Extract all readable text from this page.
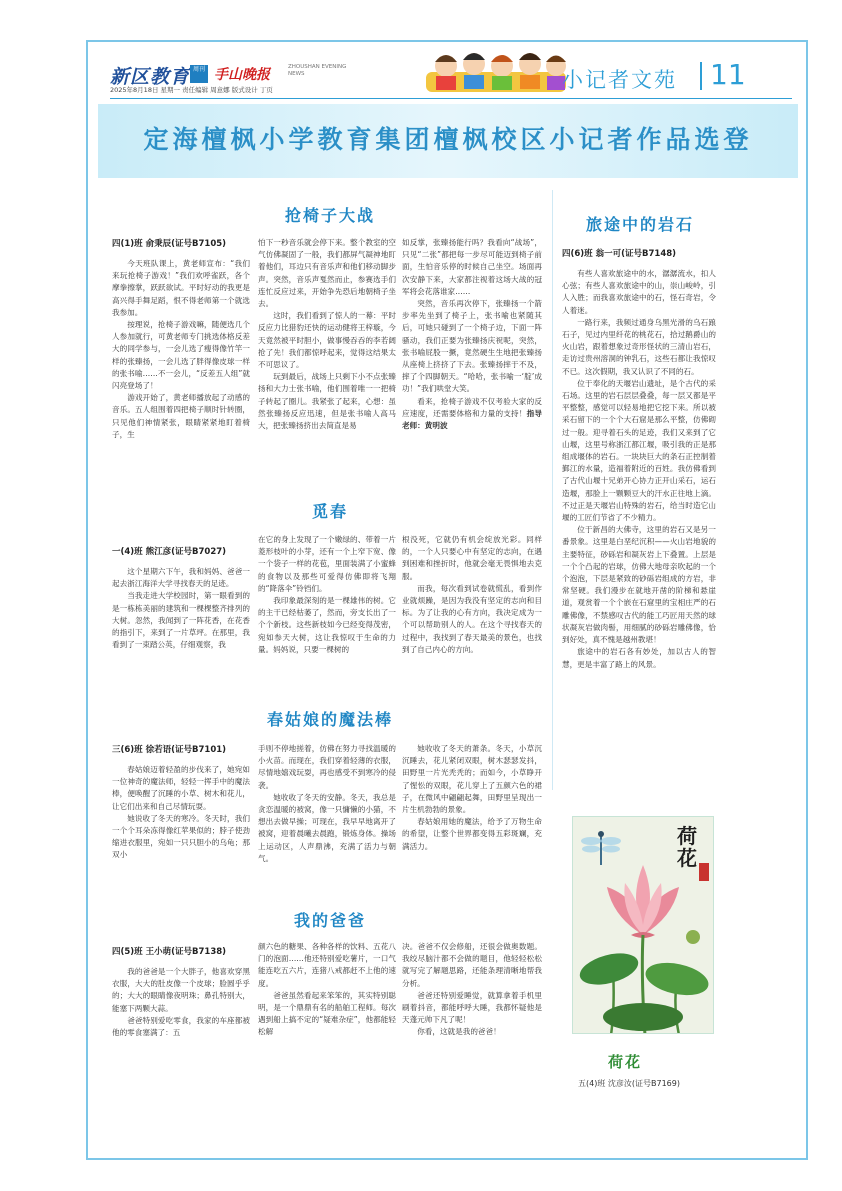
新区教育 周刊 手山晚报	ZHOUSHAN EVENING NEWS
2025年8月18日 星期一 责任编辑 周意娜 版式设计 丁页	小记者文苑 11
定海檀枫小学教育集团檀枫校区小记者作品选登
抢椅子大战
四(1)班 俞秉辰(证号B7105)

今天班队课上，黄老师宣布：“我们来玩抢椅子游戏！”我们欢呼雀跃，各个摩拳擦掌，跃跃欲试。平时好动的我更是高兴得手舞足蹈，恨不得老师第一个就选我参加。

按理说，抢椅子游戏嘛，随便选几个人参加就行，可黄老师专门挑选体格反差大的同学参与，一会儿选了瘦得像竹竿一样的张臻扬，一会儿选了胖得像皮球一样的张书喻……不一会儿，“反差五人组”就闪亮登场了！

游戏开始了，黄老师播放起了动感的音乐。五人组围着四把椅子顺时针转圈，只见他们神情紧张，眼睛紧紧地盯着椅子，生

怕下一秒音乐就会停下来。整个教室的空气仿佛凝固了一般，我们都屏气凝神地盯着他们，耳边只有音乐声和他们移动脚步声。突然，音乐声戛然而止，参赛选手们连忙反应过来，开始争先恐后地朝椅子坐去。

这时，我们看到了惊人的一幕：平时反应力比猎豹还快的运动健将王梓璇，今天竟然被平时胆小，做事慢吞吞的李若阔抢了先！我们都惊呼起来，觉得这结果太不可思议了。

玩到最后，战场上只剩下小不点张臻扬和大力士张书喻，他们围着唯一一把椅子转起了圈儿。我紧张了起来，心想：虽然张臻扬反应迅速，但是张书喻人高马大，把张臻扬挤出去简直是易

如反掌，张臻扬能行吗？我看向“战场”，只见“二张”都把每一步尽可能迈到椅子前面，生怕音乐停的时候自己坐空。场面再次安静下来，大家都注视着这场大战的冠军将会花落谁家……

突然，音乐再次停下，张臻扬一个箭步率先坐到了椅子上，张书喻也紧随其后，可她只碰到了一个椅子边，下面一阵骚动，我们正要为张臻扬庆祝呢，突然，张书喻屁股一撅，竟然硬生生地把张臻扬从座椅上挤挤了下去。张臻扬摔于不及，摔了个四脚朝天。“哈哈，张书喻一‘腚’成功！”我们哄堂大笑。

看来，抢椅子游戏不仅考验大家的反应速度，还需要体格和力量的支持！指导老师：黄明波

觅春
一(4)班 熊江彦(证号B7027)

这个星期六下午，我和妈妈、爸爸一起去浙江海洋大学寻找春天的足迹。

当我走进大学校园时，第一眼看到的是一栋栋美丽的建筑和一棵棵整齐排列的大树。忽然，我闻到了一阵花香，在花香的指引下，来到了一片草坪。在那里，我看到了一束踏公英，仔细观察，我

在它的身上发现了一个嫩绿的、带着一片菱形枝叶的小芽，还有一个上窄下宽、像一个袋子一样的花苞，里面装满了小蜜蜂的食物以及那些可爱得仿佛即将飞翔的“降落伞”铃铛们。

我印象最深刻的是一棵雄伟的树。它的主干已经枯萎了，然而，旁支长出了一个个新枝。这些新枝如今已经变得茂密，宛如参天大树，这让我惊叹于生命的力量。妈妈说，只要一棵树的

根没死，它就仍有机会绽放光彩。同样的，一个人只要心中有坚定的志向，在遇到困难和挫折时，他就会毫无畏惧地去克服。

而我，每次看到试卷就慌乱，看到作业就烦躁，是因为我没有坚定的志向和目标。为了让我的心有方向，我决定成为一个可以帮助别人的人。在这个寻找春天的过程中，我找到了春天最美的景色，也找到了自己内心的方向。

春姑娘的魔法棒
三(6)班 徐若语(证号B7101)

春姑娘迈着轻盈的步伐来了，她宛如一位神奇的魔法师，轻轻一挥手中的魔法棒，便唤醒了沉睡的小草、树木和花儿，让它们出来和自己尽情玩耍。

她说收了冬天的寒冷。冬天时，我们一个个耳朵冻得像红苹果似的；脖子使劲缩进衣服里，宛如一只只胆小的乌龟；那双小

手则不停地搓着，仿佛在努力寻找温暖的小火苗。而现在，我们穿着轻薄的衣服，尽情地嬉戏玩耍，再也感受不到寒冷的侵袭。

她收收了冬天的安静。冬天，我总是贪恋温暖的被窝，像一只慵懒的小猫，不想出去做早操；可现在，我早早地离开了被窝，迎着晨曦去晨跑，锻炼身体。操场上运动区，人声鼎沸，充满了活力与朝气。

她收收了冬天的萧条。冬天，小草沉沉睡去，花儿紧闭双眼，树木瑟瑟发抖，田野里一片光秃秃的；而如今，小草睁开了惺忪的双眼，花儿穿上了五颜六色的裙子，在微风中翩翩起舞，田野里呈现出一片生机勃勃的景象。

春姑娘用她的魔法，给予了万物生命的希望，让整个世界都变得五彩斑斓，充满活力。

我的爸爸
四(5)班 王小萌(证号B7138)

我的爸爸是一个大胖子，他喜欢穿黑衣服，大大的肚皮像一个皮球；脸圆乎乎的；大大的眼睛像夜明珠；鼻孔特别大，能塞下两颗大蒜。

爸爸特别爱吃零食，我家的车座都被他的零食塞满了：五

颜六色的糖果、各种各样的饮料、五花八门的泡面……他还特别爱吃薯片，一口气能连吃五六片，连猪八戒都赶不上他的速度。

爸爸虽然看起来笨笨的，其实特别聪明，是一个鼎鼎有名的船舶工程师。每次遇到船上搞不定的“疑难杂症”，他都能轻松解

决。爸爸不仅会修船，还很会做奥数题。我绞尽脑汁都不会做的题目，他轻轻松松就写完了解题思路，还能条理清晰地帮我分析。

爸爸还特别爱睡觉，就算拿着手机里刷着抖音，都能呼呼大睡，我都怀疑他是天蓬元帅下凡了呢！

你看，这就是我的爸爸！

旅途中的岩石
四(6)班 翁一可(证号B7148)

有些人喜欢旅途中的水，潺潺流水，扣人心弦；有些人喜欢旅途中的山，崇山峻岭，引人入胜；而我喜欢旅途中的石，怪石奇岩，令人着迷。

一路行来，我频过通身乌黑光滑的乌石踉石子，见过内里纤花的桃花石，拾过鹅爵山的火山岩，跟着想象过奇形怪状的三清山岩石，走访过贵州溶洞的钟乳石，这些石都让我惊叹不已。这次假期，我又认识了不同的石。

位于奉化的天堰岩山遗址，是个古代的采石场。这里的岩石层层叠叠，每一层又都是平平整整，感觉可以轻易地把它挖下来。所以被采石留下的一个个大石窟是那么平整，仿佛砌过一般。迎寻着石头的足迹，我们又来到了它山堰，这里号称浙江都江堰，吸引我的正是那组成堰体的岩石。一块块巨大的条石正控制着鄞江的水量，造福着附近的百姓。我仿佛看到了古代山堰十兄弟开心协力正开山采石，运石造堰，那脸上一颗颗豆大的汗水正往地上滴。不过正是天堰岩山特殊的岩石，给当时造它山堰的工匠们节省了不少精力。

位于新昌的大佛寺，这里的岩石又是另一番景象。这里是白垩纪沉积——火山岩地貌的主要特征，砂砾岩和凝灰岩上下叠置。上层是一个个凸起的岩球，仿佛大地母亲吹起的一个个泡泡，下层是紧致的砂砾岩组成的方岩，非常坚硬。我们漫步在就地开凿的阶梯和悬崖道，观赏着一个个嵌在石窟里的宝相庄严的石雕佛像，不禁感叹古代的能工巧匠用天然的球状凝灰岩做肉髻，用细腻的砂砾岩雕佛像，恰到好处，真不愧是越州教堪！

旅途中的岩石各有妙处，加以古人的智慧，更是丰富了路上的风景。

荷花
荷花
五(4)班 沈彦汝(证号B7169)
